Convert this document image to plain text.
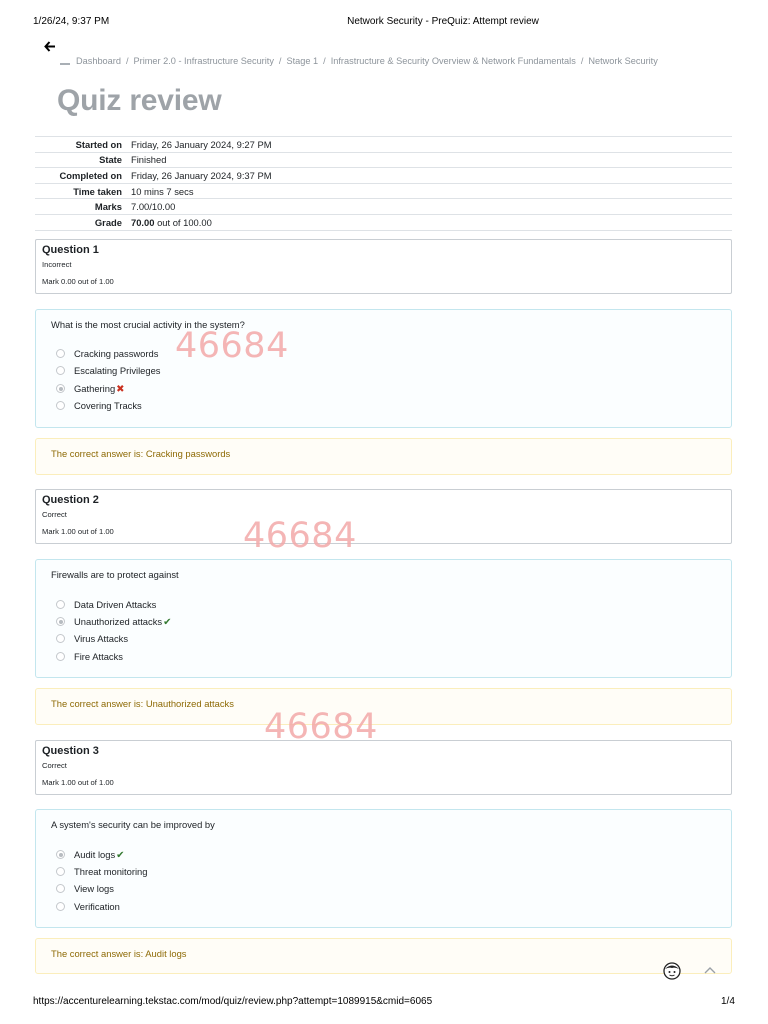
1/26/24, 9:37 PM	Network Security - PreQuiz: Attempt review
Dashboard / Primer 2.0 - Infrastructure Security / Stage 1 / Infrastructure & Security Overview & Network Fundamentals / Network Security
Quiz review
Started on	Friday, 26 January 2024, 9:27 PM
State	Finished
Completed on	Friday, 26 January 2024, 9:37 PM
Time taken	10 mins 7 secs
Marks	7.00/10.00
Grade	70.00 out of 100.00
Question 1
Incorrect
Mark 0.00 out of 1.00
What is the most crucial activity in the system?
Cracking passwords
Escalating Privileges
Gathering✖
Covering Tracks
The correct answer is: Cracking passwords
Question 2
Correct
Mark 1.00 out of 1.00
Firewalls are to protect against
Data Driven Attacks
Unauthorized attacks✔
Virus Attacks
Fire Attacks
The correct answer is: Unauthorized attacks
Question 3
Correct
Mark 1.00 out of 1.00
A system's security can be improved by
Audit logs✔
Threat monitoring
View logs
Verification
The correct answer is: Audit logs
46684
46684
46684
https://accenturelearning.tekstac.com/mod/quiz/review.php?attempt=1089915&cmid=6065	1/4
